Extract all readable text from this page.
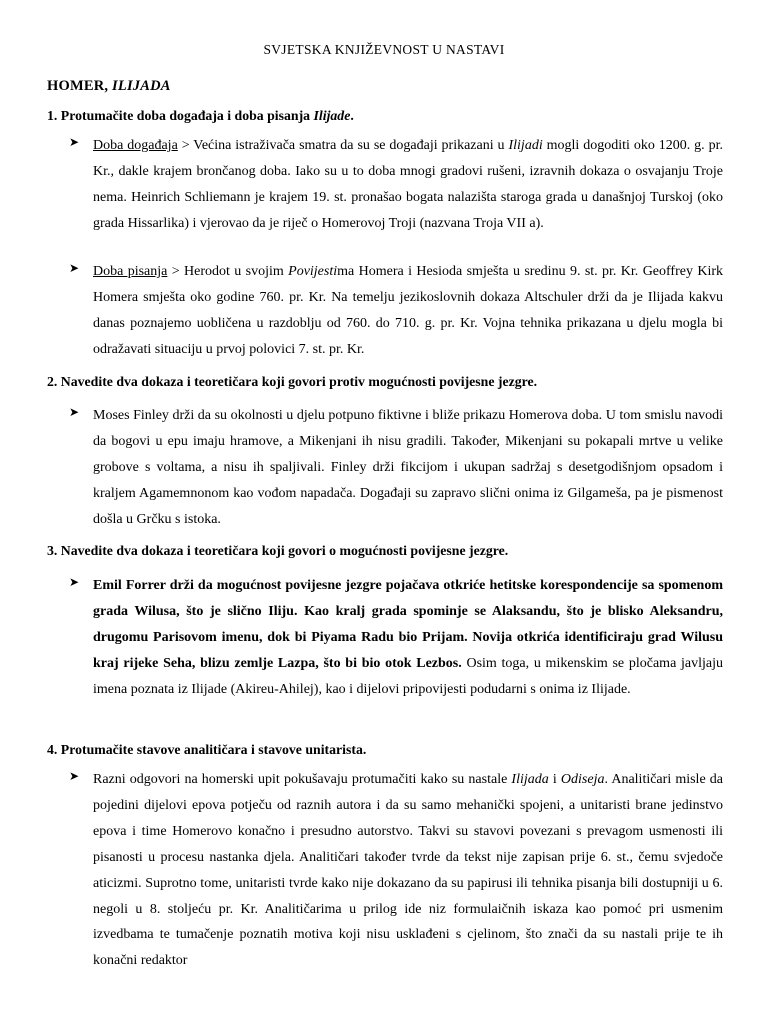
SVJETSKA KNJIŽEVNOST U NASTAVI
HOMER, ILIJADA
1. Protumačite doba događaja i doba pisanja Ilijade.
➤ Doba događaja > Većina istraživača smatra da su se događaji prikazani u Ilijadi mogli dogoditi oko 1200. g. pr. Kr., dakle krajem brončanog doba. Iako su u to doba mnogi gradovi rušeni, izravnih dokaza o osvajanju Troje nema. Heinrich Schliemann je krajem 19. st. pronašao bogata nalazišta staroga grada u današnjoj Turskoj (oko grada Hissarlika) i vjerovao da je riječ o Homerovoj Troji (nazvana Troja VII a).
➤ Doba pisanja > Herodot u svojim Povijestima Homera i Hesioda smješta u sredinu 9. st. pr. Kr. Geoffrey Kirk Homera smješta oko godine 760. pr. Kr. Na temelju jezikoslovnih dokaza Altschuler drži da je Ilijada kakvu danas poznajemo uobličena u razdoblju od 760. do 710. g. pr. Kr. Vojna tehnika prikazana u djelu mogla bi odražavati situaciju u prvoj polovici 7. st. pr. Kr.
2. Navedite dva dokaza i teoretičara koji govori protiv mogućnosti povijesne jezgre.
➤ Moses Finley drži da su okolnosti u djelu potpuno fiktivne i bliže prikazu Homerova doba. U tom smislu navodi da bogovi u epu imaju hramove, a Mikenjani ih nisu gradili. Također, Mikenjani su pokapali mrtve u velike grobove s voltama, a nisu ih spaljivali. Finley drži fikcijom i ukupan sadržaj s desetgodišnjom opsadom i kraljem Agamemnonom kao vođom napadača. Događaji su zapravo slični onima iz Gilgameša, pa je pismenost došla u Grčku s istoka.
3. Navedite dva dokaza i teoretičara koji govori o mogućnosti povijesne jezgre.
➤ Emil Forrer drži da mogućnost povijesne jezgre pojačava otkriće hetitske korespondencije sa spomenom grada Wilusa, što je slično Iliju. Kao kralj grada spominje se Alaksandu, što je blisko Aleksandru, drugomu Parisovom imenu, dok bi Piyama Radu bio Prijam. Novija otkrića identificiraju grad Wilusu kraj rijeke Seha, blizu zemlje Lazpa, što bi bio otok Lezbos. Osim toga, u mikenskim se pločama javljaju imena poznata iz Ilijade (Akireu-Ahilej), kao i dijelovi pripovijesti podudarni s onima iz Ilijade.
4. Protumačite stavove analitičara i stavove unitarista.
➤ Razni odgovori na homerski upit pokušavaju protumačiti kako su nastale Ilijada i Odiseja. Analitičari misle da pojedini dijelovi epova potječu od raznih autora i da su samo mehanički spojeni, a unitaristi brane jedinstvo epova i time Homerovo konačno i presudno autorstvo. Takvi su stavovi povezani s prevagom usmenosti ili pisanosti u procesu nastanka djela. Analitičari također tvrde da tekst nije zapisan prije 6. st., čemu svjedoče aticizmi. Suprotno tome, unitaristi tvrde kako nije dokazano da su papirusi ili tehnika pisanja bili dostupniji u 6. negoli u 8. stoljeću pr. Kr. Analitičarima u prilog ide niz formulaičnih iskaza kao pomoć pri usmenim izvedbama te tumačenje poznatih motiva koji nisu usklađeni s cjelinom, što znači da su nastali prije te ih konačni redaktor
